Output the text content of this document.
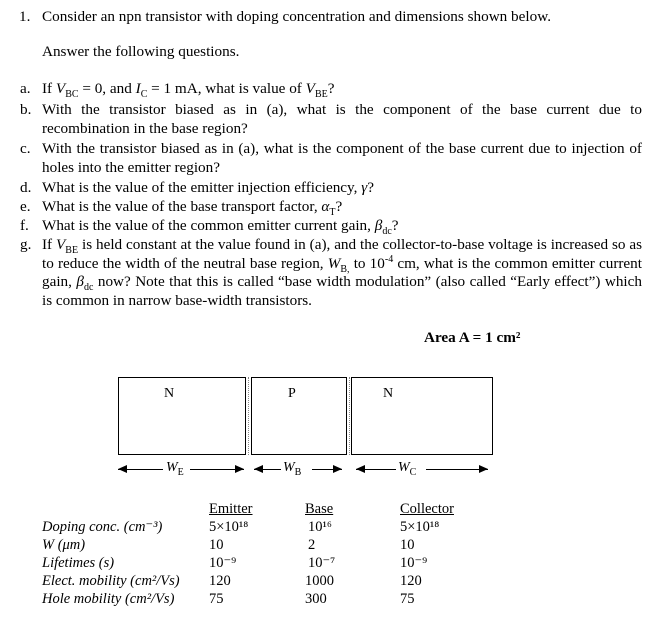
1. Consider an npn transistor with doping concentration and dimensions shown below.
Answer the following questions.
a. If $V_{BC} = 0$, and $I_C = 1$ mA, what is value of $V_{BE}$?
b. With the transistor biased as in (a), what is the component of the base current due to recombination in the base region?
c. With the transistor biased as in (a), what is the component of the base current due to injection of holes into the emitter region?
d. What is the value of the emitter injection efficiency, γ?
e. What is the value of the base transport factor, $\alpha_T$?
f. What is the value of the common emitter current gain, $\beta_{dc}$?
g. If $V_{BE}$ is held constant at the value found in (a), and the collector-to-base voltage is increased so as to reduce the width of the neutral base region, $W_{B,}$ to $10^{-4}$ cm, what is the common emitter current gain, $\beta_{dc}$ now? Note that this is called “base width modulation” (also called “Early effect”) which is common in narrow base-width transistors.
Area A = 1 cm²
N	P	N
$W_E$	$W_B$	$W_C$
Emitter	Base	Collector
Doping conc. (cm⁻³)	5×10¹⁸	10¹⁶	5×10¹⁸
W (μm)	10	2	10
Lifetimes (s)	10⁻⁹	10⁻⁷	10⁻⁹
Elect. mobility (cm²/Vs) 120	1000	120
Hole mobility (cm²/Vs) 75	300	75
